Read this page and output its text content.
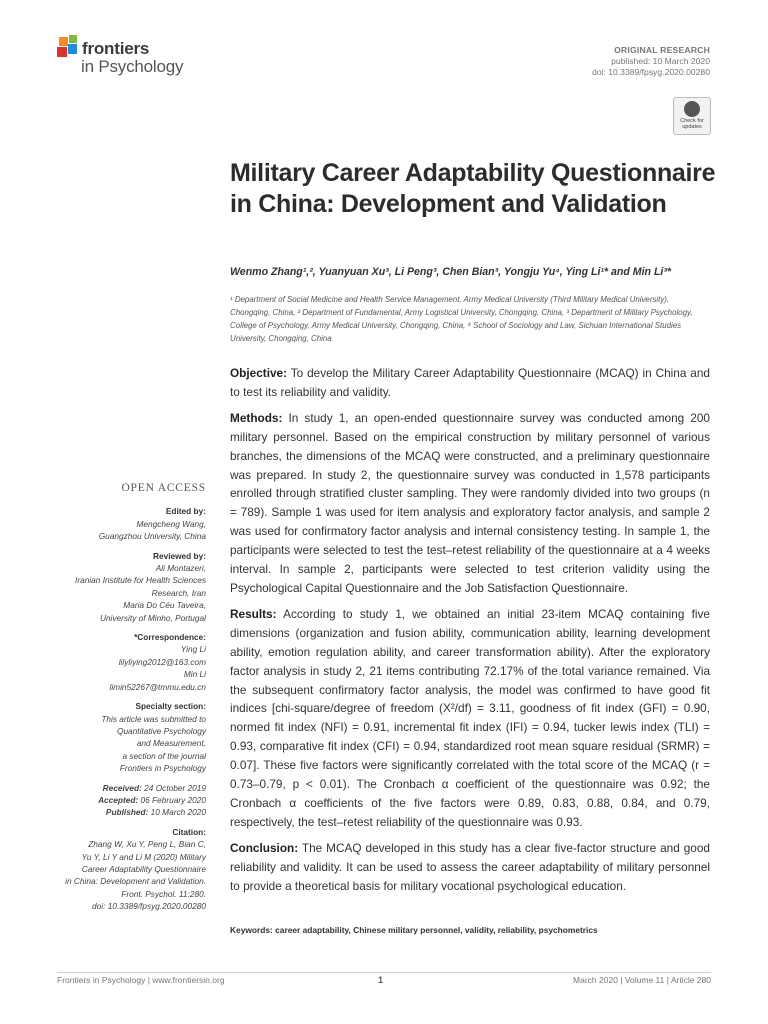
frontiers
in Psychology
ORIGINAL RESEARCH
published: 10 March 2020
doi: 10.3389/fpsyg.2020.00280
Check for updates
Military Career Adaptability Questionnaire in China: Development and Validation
Wenmo Zhang¹,², Yuanyuan Xu³, Li Peng³, Chen Bian³, Yongju Yu⁴, Ying Li¹* and Min Li³*
¹ Department of Social Medicine and Health Service Management, Army Medical University (Third Military Medical University), Chongqing, China, ² Department of Fundamental, Army Logistical University, Chongqing, China, ³ Department of Military Psychology, College of Psychology, Army Medical University, Chongqing, China, ⁴ School of Sociology and Law, Sichuan International Studies University, Chongqing, China

Objective: To develop the Military Career Adaptability Questionnaire (MCAQ) in China and to test its reliability and validity.

Methods: In study 1, an open-ended questionnaire survey was conducted among 200 military personnel. Based on the empirical construction by military personnel of various branches, the dimensions of the MCAQ were constructed, and a preliminary questionnaire was prepared. In study 2, the questionnaire survey was conducted in 1,578 participants enrolled through stratified cluster sampling. They were randomly divided into two groups (n = 789). Sample 1 was used for item analysis and exploratory factor analysis, and sample 2 was used for confirmatory factor analysis and internal consistency testing. In sample 1, the participants were selected to test the test–retest reliability of the questionnaire at a 4 weeks interval. In sample 2, participants were selected to test criterion validity using the Psychological Capital Questionnaire and the Job Satisfaction Questionnaire.

Results: According to study 1, we obtained an initial 23-item MCAQ containing five dimensions (organization and fusion ability, communication ability, learning development ability, emotion regulation ability, and career transformation ability). After the exploratory factor analysis in study 2, 21 items contributing 72.17% of the total variance remained. Via the subsequent confirmatory factor analysis, the model was confirmed to have good fit indices [chi-square/degree of freedom (X²/df) = 3.11, goodness of fit index (GFI) = 0.90, normed fit index (NFI) = 0.91, incremental fit index (IFI) = 0.94, tucker lewis index (TLI) = 0.93, comparative fit index (CFI) = 0.94, standardized root mean square residual (SRMR) = 0.07]. These five factors were significantly correlated with the total score of the MCAQ (r = 0.73–0.79, p < 0.01). The Cronbach α coefficient of the questionnaire was 0.92; the Cronbach α coefficients of the five factors were 0.89, 0.83, 0.88, 0.84, and 0.79, respectively, the test–retest reliability of the questionnaire was 0.93.

Conclusion: The MCAQ developed in this study has a clear five-factor structure and good reliability and validity. It can be used to assess the career adaptability of military personnel to provide a theoretical basis for military vocational psychological education.

Keywords: career adaptability, Chinese military personnel, validity, reliability, psychometrics
OPEN ACCESS
Edited by:
Mengcheng Wang,
Guangzhou University, China
Reviewed by:
Ali Montazeri,
Iranian Institute for Health Sciences
Research, Iran
Maria Do Céu Taveira,
University of Minho, Portugal
*Correspondence:
Ying Li
lilyliying2012@163.com
Min Li
limin52267@tmmu.edu.cn
Specialty section:
This article was submitted to
Quantitative Psychology
and Measurement,
a section of the journal
Frontiers in Psychology
Received: 24 October 2019
Accepted: 06 February 2020
Published: 10 March 2020
Citation:
Zhang W, Xu Y, Peng L, Bian C,
Yu Y, Li Y and Li M (2020) Military
Career Adaptability Questionnaire
in China: Development and Validation.
Front. Psychol. 11:280.
doi: 10.3389/fpsyg.2020.00280
Frontiers in Psychology | www.frontiersin.org	1	March 2020 | Volume 11 | Article 280
